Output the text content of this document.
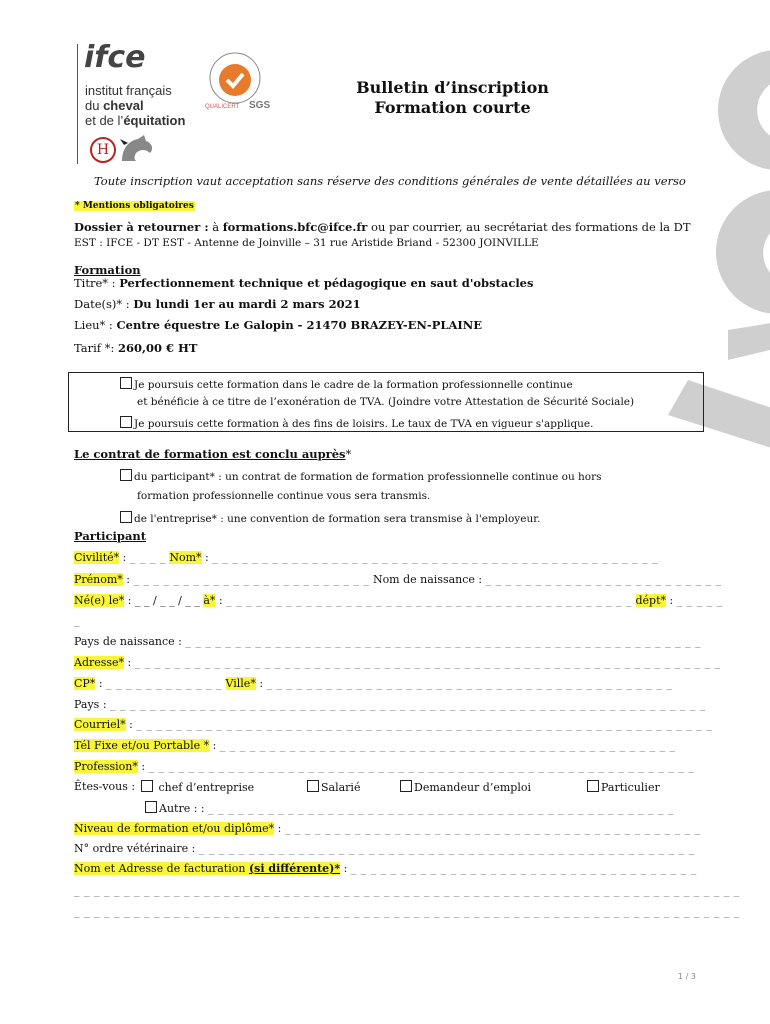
ifce
institut français
du cheval
et de l’équitation
H
QUALICERT SGS
Bulletin d’inscription
Formation courte
Toute inscription vaut acceptation sans réserve des conditions générales de vente détaillées au verso
* Mentions obligatoires
Dossier à retourner : à formations.bfc@ifce.fr ou par courrier, au secrétariat des formations de la DT
EST : IFCE - DT EST - Antenne de Joinville – 31 rue Aristide Briand - 52300 JOINVILLE
Formation
Titre* : Perfectionnement technique et pédagogique en saut d'obstacles
Date(s)* : Du lundi 1er au mardi 2 mars 2021
Lieu* : Centre équestre Le Galopin - 21470 BRAZEY-EN-PLAINE
Tarif *: 260,00 € HT
Je poursuis cette formation dans le cadre de la formation professionnelle continue
et bénéficie à ce titre de l’exonération de TVA. (Joindre votre Attestation de Sécurité Sociale)
Je poursuis cette formation à des fins de loisirs. Le taux de TVA en vigueur s'applique.
Le contrat de formation est conclu auprès*
du participant* : un contrat de formation de formation professionnelle continue ou hors
formation professionnelle continue vous sera transmis.
de l'entreprise* : une convention de formation sera transmise à l'employeur.
Participant
Civilité* : _ _ _ _ Nom* : _ _ _ _ _ _ _ _ _ _ _ _ _ _ _ _ _ _ _ _ _ _ _ _ _ _ _ _ _ _ _ _ _ _ _ _ _ _ _ _ _ _ _ _ _
Prénom* : _ _ _ _ _ _ _ _ _ _ _ _ _ _ _ _ _ _ _ _ _ _ _ _ Nom de naissance : _ _ _ _ _ _ _ _ _ _ _ _ _ _ _ _ _ _ _ _ _ _ _ _
Né(e) le* : _ _ / _ _ / _ _ à* : _ _ _ _ _ _ _ _ _ _ _ _ _ _ _ _ _ _ _ _ _ _ _ _ _ _ _ _ _ _ _ _ _ _ _ _ _ _ _ _ _ dépt* : _ _ _ _ _
_
Pays de naissance : _ _ _ _ _ _ _ _ _ _ _ _ _ _ _ _ _ _ _ _ _ _ _ _ _ _ _ _ _ _ _ _ _ _ _ _ _ _ _ _ _ _ _ _ _ _ _ _ _ _ _ _
Adresse* : _ _ _ _ _ _ _ _ _ _ _ _ _ _ _ _ _ _ _ _ _ _ _ _ _ _ _ _ _ _ _ _ _ _ _ _ _ _ _ _ _ _ _ _ _ _ _ _ _ _ _ _ _ _ _ _ _ _ _
CP* : _ _ _ _ _ _ _ _ _ _ _ _ Ville* : _ _ _ _ _ _ _ _ _ _ _ _ _ _ _ _ _ _ _ _ _ _ _ _ _ _ _ _ _ _ _ _ _ _ _ _ _ _ _ _ _
Pays : _ _ _ _ _ _ _ _ _ _ _ _ _ _ _ _ _ _ _ _ _ _ _ _ _ _ _ _ _ _ _ _ _ _ _ _ _ _ _ _ _ _ _ _ _ _ _ _ _ _ _ _ _ _ _ _ _ _ _ _
Courriel* : _ _ _ _ _ _ _ _ _ _ _ _ _ _ _ _ _ _ _ _ _ _ _ _ _ _ _ _ _ _ _ _ _ _ _ _ _ _ _ _ _ _ _ _ _ _ _ _ _ _ _ _ _ _ _ _ _ _
Tél Fixe et/ou Portable * : _ _ _ _ _ _ _ _ _ _ _ _ _ _ _ _ _ _ _ _ _ _ _ _ _ _ _ _ _ _ _ _ _ _ _ _ _ _ _ _ _ _ _ _ _ _
Profession* : _ _ _ _ _ _ _ _ _ _ _ _ _ _ _ _ _ _ _ _ _ _ _ _ _ _ _ _ _ _ _ _ _ _ _ _ _ _ _ _ _ _ _ _ _ _ _ _ _ _ _ _ _ _ _
Êtes-vous :	chef d’entreprise	Salarié	Demandeur d’emploi	Particulier
Autre : : _ _ _ _ _ _ _ _ _ _ _ _ _ _ _ _ _ _ _ _ _ _ _ _ _ _ _ _ _ _ _ _ _ _ _ _ _ _ _ _ _ _ _ _ _ _ _
Niveau de formation et/ou diplôme* : _ _ _ _ _ _ _ _ _ _ _ _ _ _ _ _ _ _ _ _ _ _ _ _ _ _ _ _ _ _ _ _ _ _ _ _ _ _ _ _ _ _
N° ordre vétérinaire : _ _ _ _ _ _ _ _ _ _ _ _ _ _ _ _ _ _ _ _ _ _ _ _ _ _ _ _ _ _ _ _ _ _ _ _ _ _ _ _ _ _ _ _ _ _ _ _ _ _
Nom et Adresse de facturation (si différente)* : _ _ _ _ _ _ _ _ _ _ _ _ _ _ _ _ _ _ _ _ _ _ _ _ _ _ _ _ _ _ _ _ _ _ _
_ _ _ _ _ _ _ _ _ _ _ _ _ _ _ _ _ _ _ _ _ _ _ _ _ _ _ _ _ _ _ _ _ _ _ _ _ _ _ _ _ _ _ _ _ _ _ _ _ _ _ _ _ _ _ _ _ _ _ _ _ _ _ _ _ _ _
_ _ _ _ _ _ _ _ _ _ _ _ _ _ _ _ _ _ _ _ _ _ _ _ _ _ _ _ _ _ _ _ _ _ _ _ _ _ _ _ _ _ _ _ _ _ _ _ _ _ _ _ _ _ _ _ _ _ _ _ _ _ _ _ _ _ _
1 / 3
